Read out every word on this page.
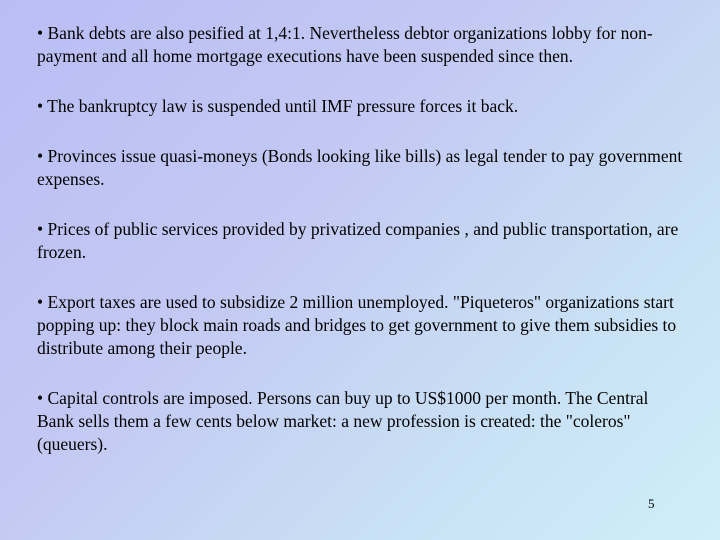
• Bank debts are also pesified at 1,4:1. Nevertheless debtor organizations lobby for non-payment and all home mortgage executions have been suspended since then.
• The bankruptcy law is suspended until IMF pressure forces it back.
• Provinces issue quasi-moneys (Bonds looking like bills) as legal tender to pay government expenses.
• Prices of public services provided by privatized companies , and public transportation, are frozen.
• Export taxes are used to subsidize 2 million unemployed. "Piqueteros" organizations start popping up: they block main roads and bridges to get government to give them subsidies to distribute among their people.
• Capital controls are imposed. Persons can buy up to US$1000 per month. The Central Bank sells them a few cents below market: a new profession is created: the "coleros"(queuers).
5
